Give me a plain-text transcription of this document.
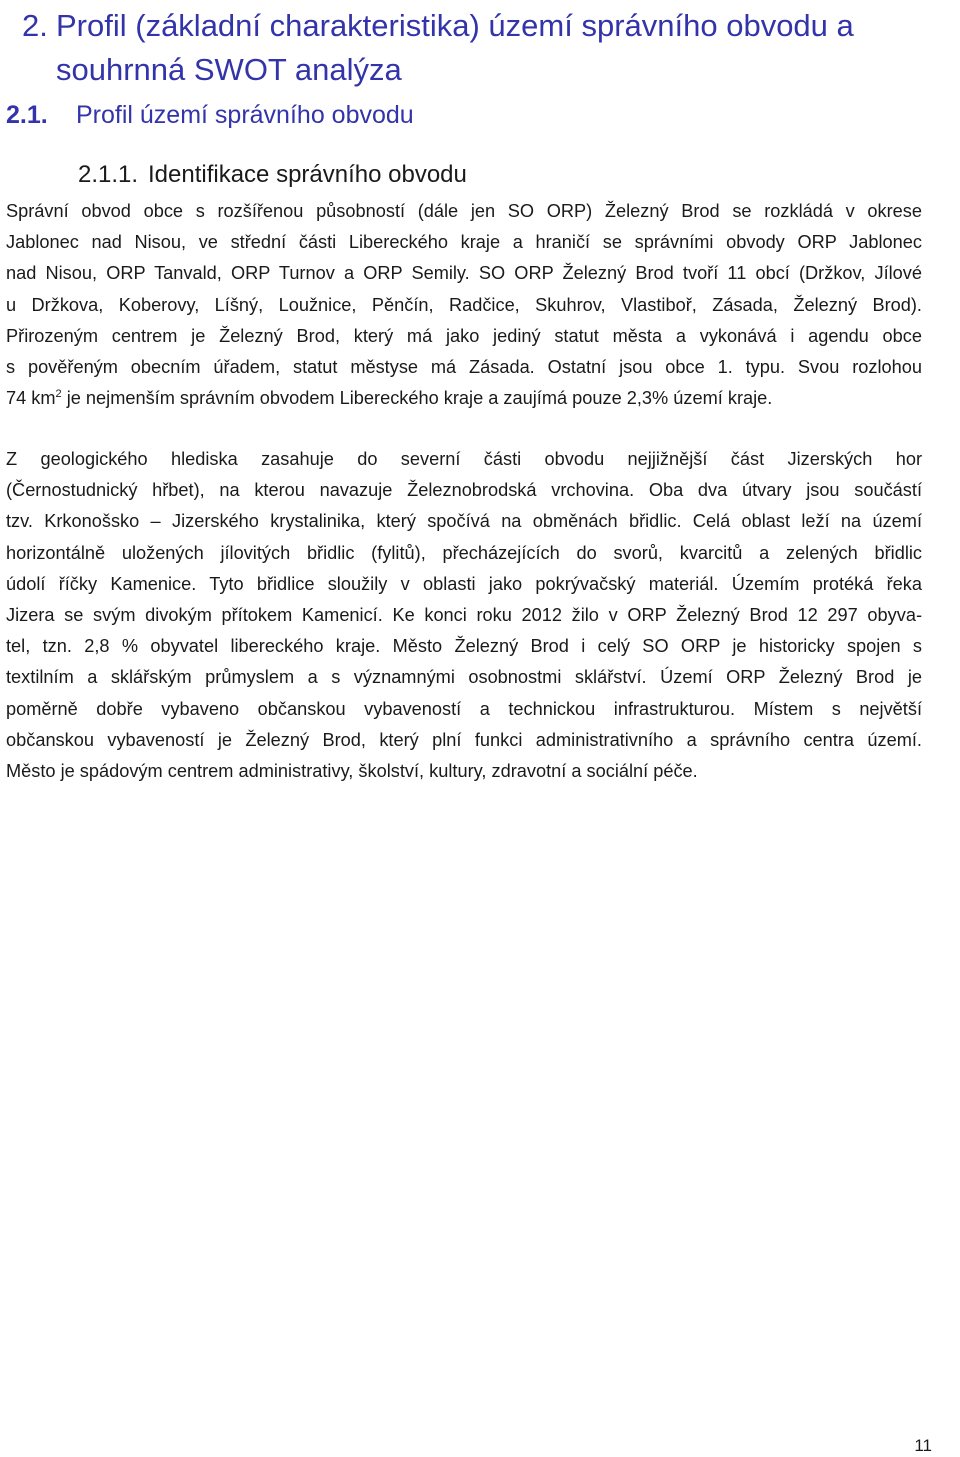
2. Profil (základní charakteristika) území správního obvodu a
souhrnná SWOT analýza
2.1. Profil území správního obvodu
2.1.1. Identifikace správního obvodu

Správní obvod obce s rozšířenou působností (dále jen SO ORP) Železný Brod se rozkládá v okrese
Jablonec nad Nisou, ve střední části Libereckého kraje a hraničí se správními obvody ORP Jablonec
nad Nisou, ORP Tanvald, ORP Turnov a ORP Semily. SO ORP Železný Brod tvoří 11 obcí (Držkov, Jílové
u Držkova, Koberovy, Líšný, Loužnice, Pěnčín, Radčice, Skuhrov, Vlastiboř, Zásada, Železný Brod).
Přirozeným centrem je Železný Brod, který má jako jediný statut města a vykonává i agendu obce
s pověřeným obecním úřadem, statut městyse má Zásada. Ostatní jsou obce 1. typu. Svou rozlohou
74 $km^2$ je nejmenším správním obvodem Libereckého kraje a zaujímá pouze 2,3% území kraje.

Z geologického hlediska zasahuje do severní části obvodu nejjižnější část Jizerských hor
(Černostudnický hřbet), na kterou navazuje Železnobrodská vrchovina. Oba dva útvary jsou součástí
tzv. Krkonošsko – Jizerského krystalinika, který spočívá na obměnách břidlic. Celá oblast leží na území
horizontálně uložených jílovitých břidlic (fylitů), přecházejících do svorů, kvarcitů a zelených břidlic
údolí říčky Kamenice. Tyto břidlice sloužily v oblasti jako pokrývačský materiál. Územím protéká řeka
Jizera se svým divokým přítokem Kamenicí. Ke konci roku 2012 žilo v ORP Železný Brod 12 297 obyva-
tel, tzn. 2,8 % obyvatel libereckého kraje. Město Železný Brod i celý SO ORP je historicky spojen s
textilním a sklářským průmyslem a s významnými osobnostmi sklářství. Území ORP Železný Brod je
poměrně dobře vybaveno občanskou vybaveností a technickou infrastrukturou. Místem s největší
občanskou vybaveností je Železný Brod, který plní funkci administrativního a správního centra území.
Město je spádovým centrem administrativy, školství, kultury, zdravotní a sociální péče.

11
